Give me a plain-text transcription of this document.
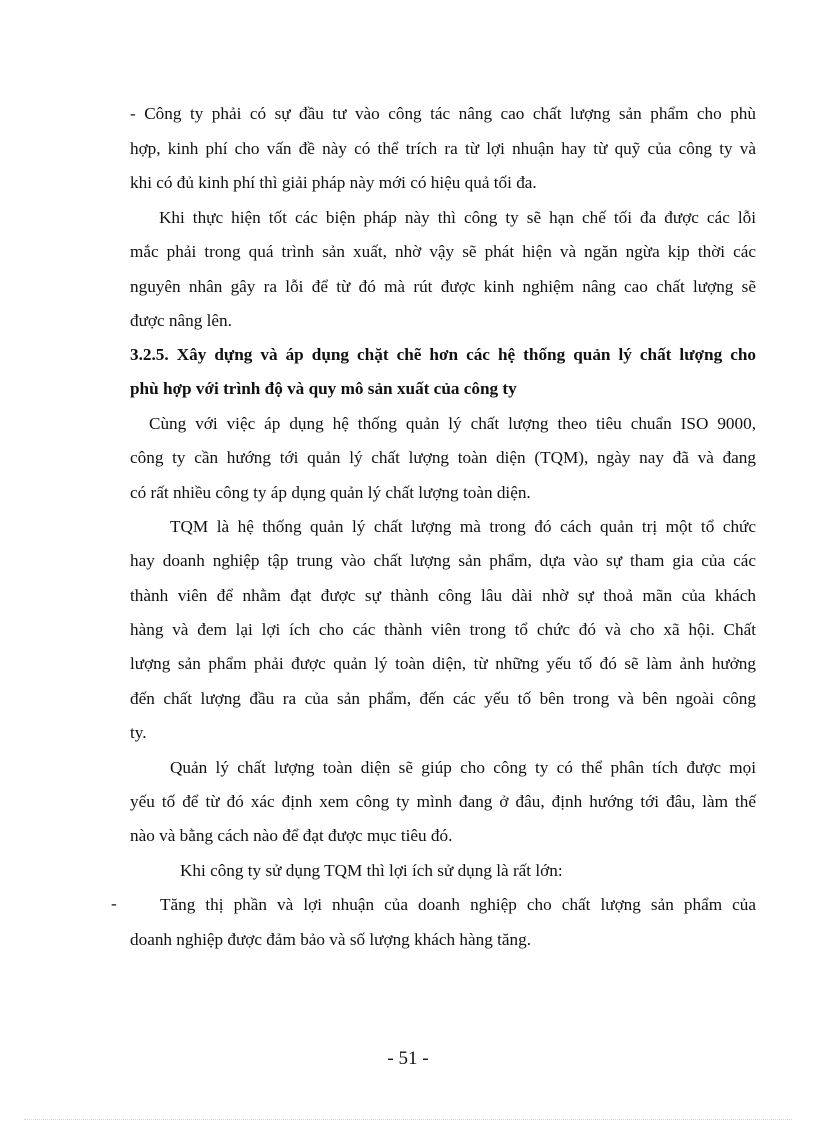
- Công ty phải có sự đầu tư vào công tác nâng cao chất lượng sản phẩm cho phù
hợp, kinh phí cho vấn đề này có thể trích ra từ lợi nhuận hay từ quỹ của công ty và
khi có đủ kinh phí thì giải pháp này mới có hiệu quả tối đa.
Khi thực hiện tốt các biện pháp này thì công ty sẽ hạn chế tối đa được các lỗi
mắc phải trong quá trình sản xuất, nhờ vậy sẽ phát hiện và ngăn ngừa kịp thời các
nguyên nhân gây ra lỗi để từ đó mà rút được kinh nghiệm nâng cao chất lượng sẽ
được nâng lên.
3.2.5. Xây dựng và áp dụng chặt chẽ hơn các hệ thống quản lý chất lượng cho
phù hợp với trình độ và quy mô sản xuất của công ty
Cùng với việc áp dụng hệ thống quản lý chất lượng theo tiêu chuẩn ISO 9000,
công ty cần hướng tới quản lý chất lượng toàn diện (TQM), ngày nay đã và đang
có rất nhiều công ty áp dụng quản lý chất lượng toàn diện.
TQM là hệ thống quản lý chất lượng mà trong đó cách quản trị một tổ chức
hay doanh nghiệp tập trung vào chất lượng sản phẩm, dựa vào sự tham gia của các
thành viên để nhằm đạt được sự thành công lâu dài nhờ sự thoả mãn của khách
hàng và đem lại lợi ích cho các thành viên trong tổ chức đó và cho xã hội. Chất
lượng sản phẩm phải được quản lý toàn diện, từ những yếu tố đó sẽ làm ảnh hưởng
đến chất lượng đầu ra của sản phẩm, đến các yếu tố bên trong và bên ngoài công
ty.
Quản lý chất lượng toàn diện sẽ giúp cho công ty có thể phân tích được mọi
yếu tố để từ đó xác định xem công ty mình đang ở đâu, định hướng tới đâu, làm thế
nào và bằng cách nào để đạt được mục tiêu đó.
Khi công ty sử dụng TQM thì lợi ích sử dụng là rất lớn:
-	Tăng thị phần và lợi nhuận của doanh nghiệp cho chất lượng sản phẩm của
doanh nghiệp được đảm bảo và số lượng khách hàng tăng.
- 51 -
